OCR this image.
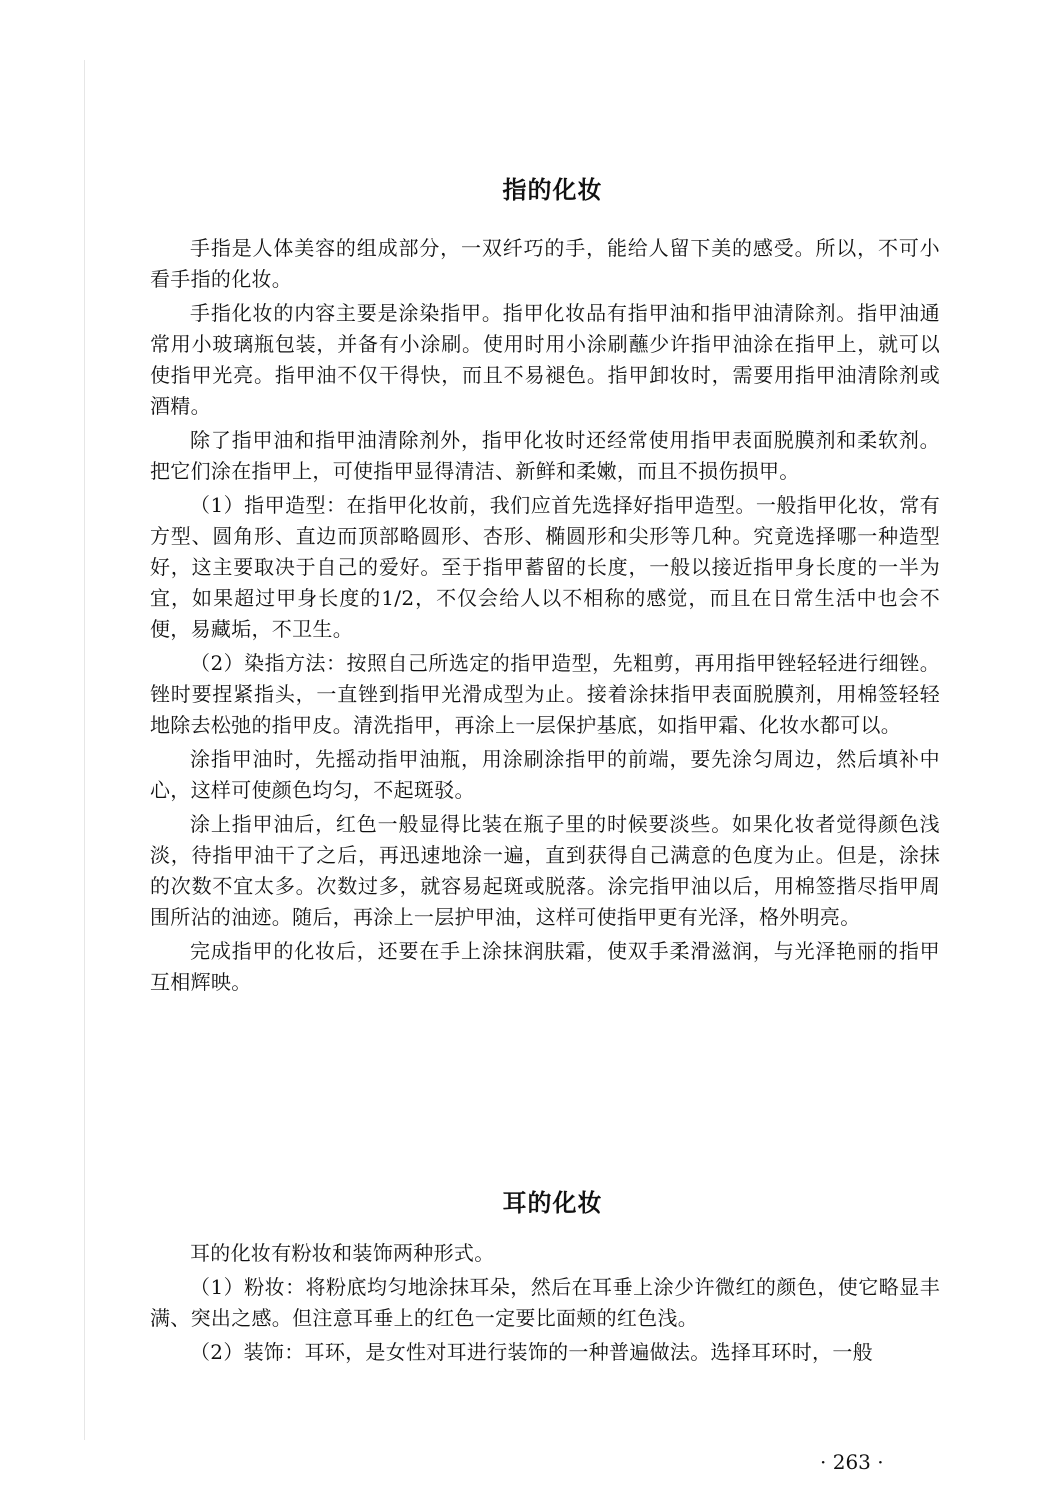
指的化妆

手指是人体美容的组成部分，一双纤巧的手，能给人留下美的感受。所以，不可小看手指的化妆。

手指化妆的内容主要是涂染指甲。指甲化妆品有指甲油和指甲油清除剂。指甲油通常用小玻璃瓶包装，并备有小涂刷。使用时用小涂刷蘸少许指甲油涂在指甲上，就可以使指甲光亮。指甲油不仅干得快，而且不易褪色。指甲卸妆时，需要用指甲油清除剂或酒精。

除了指甲油和指甲油清除剂外，指甲化妆时还经常使用指甲表面脱膜剂和柔软剂。把它们涂在指甲上，可使指甲显得清洁、新鲜和柔嫩，而且不损伤损甲。

（1）指甲造型：在指甲化妆前，我们应首先选择好指甲造型。一般指甲化妆，常有方型、圆角形、直边而顶部略圆形、杏形、椭圆形和尖形等几种。究竟选择哪一种造型好，这主要取决于自己的爱好。至于指甲蓄留的长度，一般以接近指甲身长度的一半为宜，如果超过甲身长度的1/2，不仅会给人以不相称的感觉，而且在日常生活中也会不便，易藏垢，不卫生。

（2）染指方法：按照自己所选定的指甲造型，先粗剪，再用指甲锉轻轻进行细锉。锉时要捏紧指头，一直锉到指甲光滑成型为止。接着涂抹指甲表面脱膜剂，用棉签轻轻地除去松弛的指甲皮。清洗指甲，再涂上一层保护基底，如指甲霜、化妆水都可以。

涂指甲油时，先摇动指甲油瓶，用涂刷涂指甲的前端，要先涂匀周边，然后填补中心，这样可使颜色均匀，不起斑驳。

涂上指甲油后，红色一般显得比装在瓶子里的时候要淡些。如果化妆者觉得颜色浅淡，待指甲油干了之后，再迅速地涂一遍，直到获得自己满意的色度为止。但是，涂抹的次数不宜太多。次数过多，就容易起斑或脱落。涂完指甲油以后，用棉签揩尽指甲周围所沾的油迹。随后，再涂上一层护甲油，这样可使指甲更有光泽，格外明亮。

完成指甲的化妆后，还要在手上涂抹润肤霜，使双手柔滑滋润，与光泽艳丽的指甲互相辉映。

耳的化妆

耳的化妆有粉妆和装饰两种形式。

（1）粉妆：将粉底均匀地涂抹耳朵，然后在耳垂上涂少许微红的颜色，使它略显丰满、突出之感。但注意耳垂上的红色一定要比面颊的红色浅。

（2）装饰：耳环，是女性对耳进行装饰的一种普遍做法。选择耳环时，一般

· 263 ·
